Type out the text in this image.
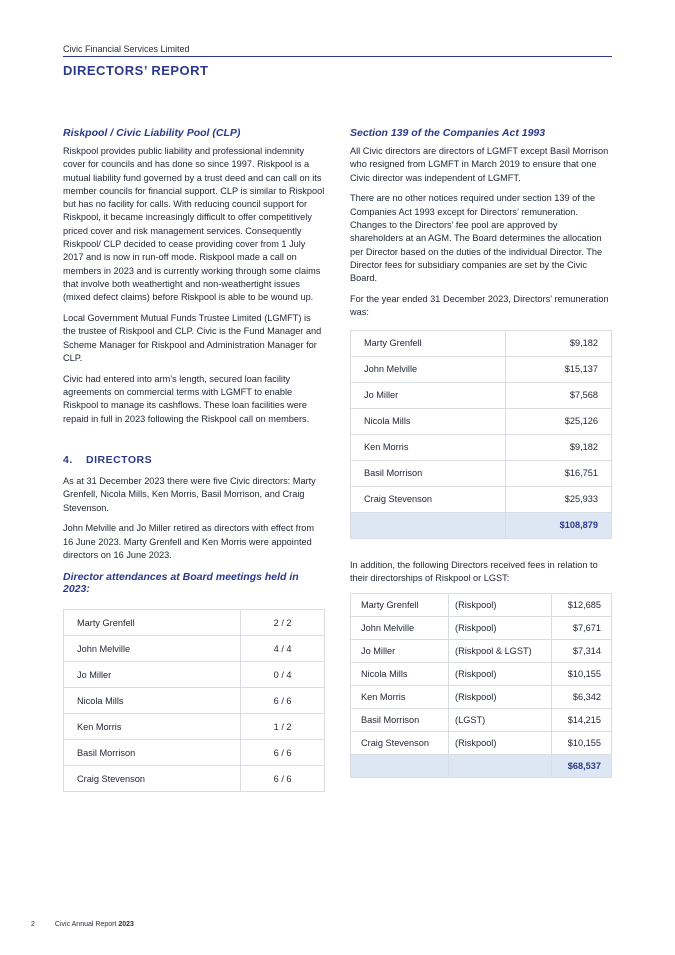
Civic Financial Services Limited
DIRECTORS’ REPORT
Riskpool / Civic Liability Pool (CLP)

Riskpool provides public liability and professional indemnity cover for councils and has done so since 1997. Riskpool is a mutual liability fund governed by a trust deed and can call on its member councils for financial support. CLP is similar to Riskpool but has no facility for calls. With reducing council support for Riskpool, it became increasingly difficult to offer competitively priced cover and risk management services. Consequently Riskpool/ CLP decided to cease providing cover from 1 July 2017 and is now in run-off mode. Riskpool made a call on members in 2023 and is currently working through some claims that involve both weathertight and non-weathertight issues (mixed defect claims) before Riskpool is able to be wound up.

Local Government Mutual Funds Trustee Limited (LGMFT) is the trustee of Riskpool and CLP. Civic is the Fund Manager and Scheme Manager for Riskpool and Administration Manager for CLP.

Civic had entered into arm’s length, secured loan facility agreements on commercial terms with LGMFT to enable Riskpool to manage its cashflows. These loan facilities were repaid in full in 2023 following the Riskpool call on members.

4. DIRECTORS

As at 31 December 2023 there were five Civic directors: Marty Grenfell, Nicola Mills, Ken Morris, Basil Morrison, and Craig Stevenson.

John Melville and Jo Miller retired as directors with effect from 16 June 2023. Marty Grenfell and Ken Morris were appointed directors on 16 June 2023.

Director attendances at Board meetings held in 2023:
Marty Grenfell	2 / 2
John Melville	4 / 4
Jo Miller	0 / 4
Nicola Mills	6 / 6
Ken Morris	1 / 2
Basil Morrison	6 / 6
Craig Stevenson	6 / 6
Section 139 of the Companies Act 1993

All Civic directors are directors of LGMFT except Basil Morrison who resigned from LGMFT in March 2019 to ensure that one Civic director was independent of LGMFT.

There are no other notices required under section 139 of the Companies Act 1993 except for Directors’ remuneration. Changes to the Directors’ fee pool are approved by shareholders at an AGM. The Board determines the allocation per Director based on the duties of the individual Director. The Director fees for subsidiary companies are set by the Civic Board.

For the year ended 31 December 2023, Directors’ remuneration was:

Marty Grenfell	$9,182
John Melville	$15,137
Jo Miller	$7,568
Nicola Mills	$25,126
Ken Morris	$9,182
Basil Morrison	$16,751
Craig Stevenson	$25,933
	$108,879

In addition, the following Directors received fees in relation to their directorships of Riskpool or LGST:

Marty Grenfell	(Riskpool)	$12,685
John Melville	(Riskpool)	$7,671
Jo Miller	(Riskpool & LGST)	$7,314
Nicola Mills	(Riskpool)	$10,155
Ken Morris	(Riskpool)	$6,342
Basil Morrison	(LGST)	$14,215
Craig Stevenson	(Riskpool)	$10,155
		$68,537
2	Civic Annual Report 2023
